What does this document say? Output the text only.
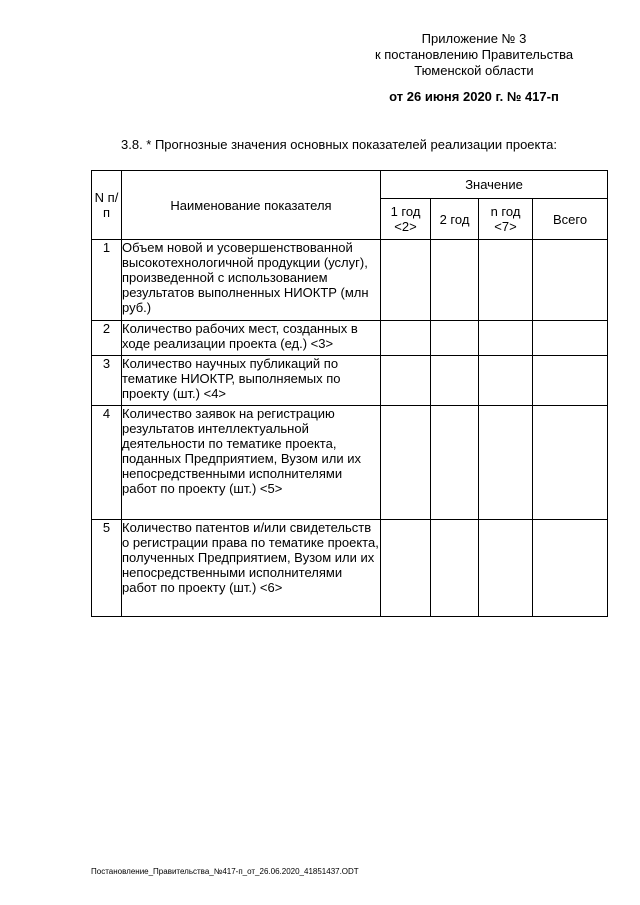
Приложение № 3
к постановлению Правительства
Тюменской области
от 26 июня 2020 г. № 417-п
3.8. * Прогнозные значения основных показателей реализации проекта:
N п/п	Наименование показателя	Значение			
		1 год <2>	2 год	n год <7>	Всего
1	Объем новой и усовершенствованной высокотехнологичной продукции (услуг), произведенной с использованием результатов выполненных НИОКТР (млн руб.)				
2	Количество рабочих мест, созданных в ходе реализации проекта (ед.) <3>				
3	Количество научных публикаций по тематике НИОКТР, выполняемых по проекту (шт.) <4>				
4	Количество заявок на регистрацию результатов интеллектуальной деятельности по тематике проекта, поданных Предприятием, Вузом или их непосредственными исполнителями работ по проекту (шт.) <5>				
5	Количество патентов и/или свидетельств о регистрации права по тематике проекта, полученных Предприятием, Вузом или их непосредственными исполнителями работ по проекту (шт.) <6>				
Постановление_Правительства_№417-п_от_26.06.2020_41851437.ODT
